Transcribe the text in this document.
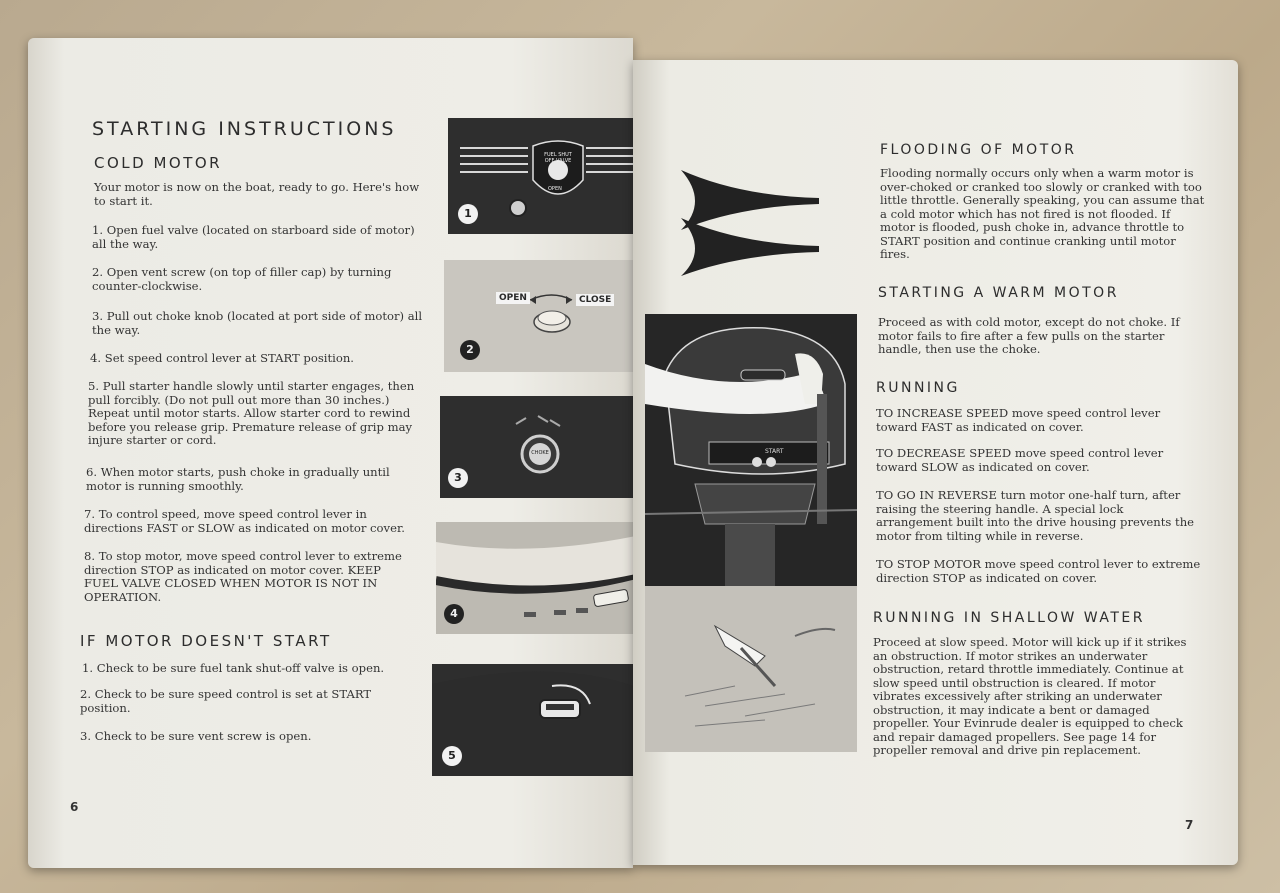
STARTING INSTRUCTIONS
COLD MOTOR

Your motor is now on the boat, ready to go. Here's how to start it.

1. Open fuel valve (located on starboard side of motor) all the way.

2. Open vent screw (on top of filler cap) by turning counter-clockwise.

3. Pull out choke knob (located at port side of motor) all the way.

4. Set speed control lever at START position.

5. Pull starter handle slowly until starter engages, then pull forcibly. (Do not pull out more than 30 inches.) Repeat until motor starts. Allow starter cord to rewind before you release grip. Premature release of grip may injure starter or cord.

6. When motor starts, push choke in gradually until motor is running smoothly.

7. To control speed, move speed control lever in directions FAST or SLOW as indicated on motor cover.

8. To stop motor, move speed control lever to extreme direction STOP as indicated on motor cover. KEEP FUEL VALVE CLOSED WHEN MOTOR IS NOT IN OPERATION.

IF MOTOR DOESN'T START

1. Check to be sure fuel tank shut-off valve is open.

2. Check to be sure speed control is set at START position.

3. Check to be sure vent screw is open.

6
FUEL SHUT OFF VALVE
OPEN
1
OPEN	CLOSE
2
CHOKE
3
4
5
FLOODING OF MOTOR

Flooding normally occurs only when a warm motor is over-choked or cranked too slowly or cranked with too little throttle. Generally speaking, you can assume that a cold motor which has not fired is not flooded. If motor is flooded, push choke in, advance throttle to START position and continue cranking until motor fires.

STARTING A WARM MOTOR

Proceed as with cold motor, except do not choke. If motor fails to fire after a few pulls on the starter handle, then use the choke.

RUNNING

TO INCREASE SPEED move speed control lever toward FAST as indicated on cover.

TO DECREASE SPEED move speed control lever toward SLOW as indicated on cover.

TO GO IN REVERSE turn motor one-half turn, after raising the steering handle. A special lock arrangement built into the drive housing prevents the motor from tilting while in reverse.

TO STOP MOTOR move speed control lever to extreme direction STOP as indicated on cover.

RUNNING IN SHALLOW WATER

Proceed at slow speed. Motor will kick up if it strikes an obstruction. If motor strikes an underwater obstruction, retard throttle immediately. Continue at slow speed until obstruction is cleared. If motor vibrates excessively after striking an underwater obstruction, it may indicate a bent or damaged propeller. Your Evinrude dealer is equipped to check and repair damaged propellers. See page 14 for propeller removal and drive pin replacement.

7
START
